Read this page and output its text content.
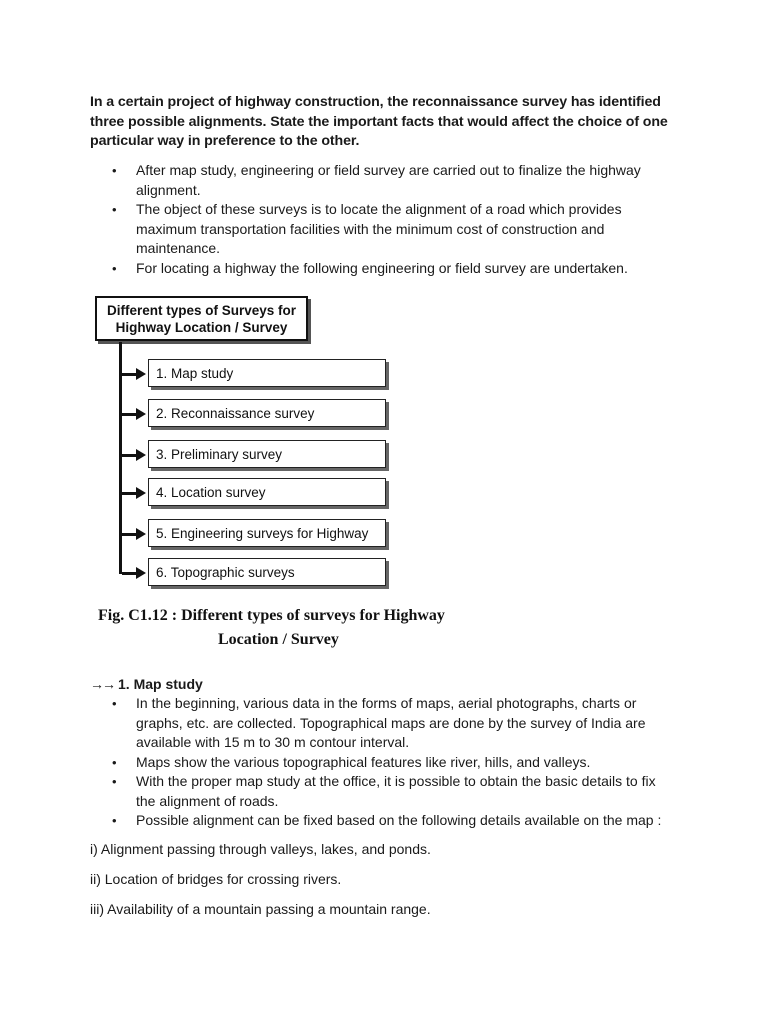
In a certain project of highway construction, the reconnaissance survey has identified three possible alignments. State the important facts that would affect the choice of one particular way in preference to the other.
• After map study, engineering or field survey are carried out to finalize the highway alignment.
• The object of these surveys is to locate the alignment of a road which provides maximum transportation facilities with the minimum cost of construction and maintenance.
• For locating a highway the following engineering or field survey are undertaken.
Different types of Surveys for
Highway Location / Survey
1. Map study
2. Reconnaissance survey
3. Preliminary survey
4. Location survey
5. Engineering surveys for Highway
6. Topographic surveys
Fig. C1.12 : Different types of surveys for Highway
Location / Survey
→→ 1. Map study
• In the beginning, various data in the forms of maps, aerial photographs, charts or graphs, etc. are collected. Topographical maps are done by the survey of India are available with 15 m to 30 m contour interval.
• Maps show the various topographical features like river, hills, and valleys.
• With the proper map study at the office, it is possible to obtain the basic details to fix the alignment of roads.
• Possible alignment can be fixed based on the following details available on the map :
i) Alignment passing through valleys, lakes, and ponds.
ii) Location of bridges for crossing rivers.
iii) Availability of a mountain passing a mountain range.
